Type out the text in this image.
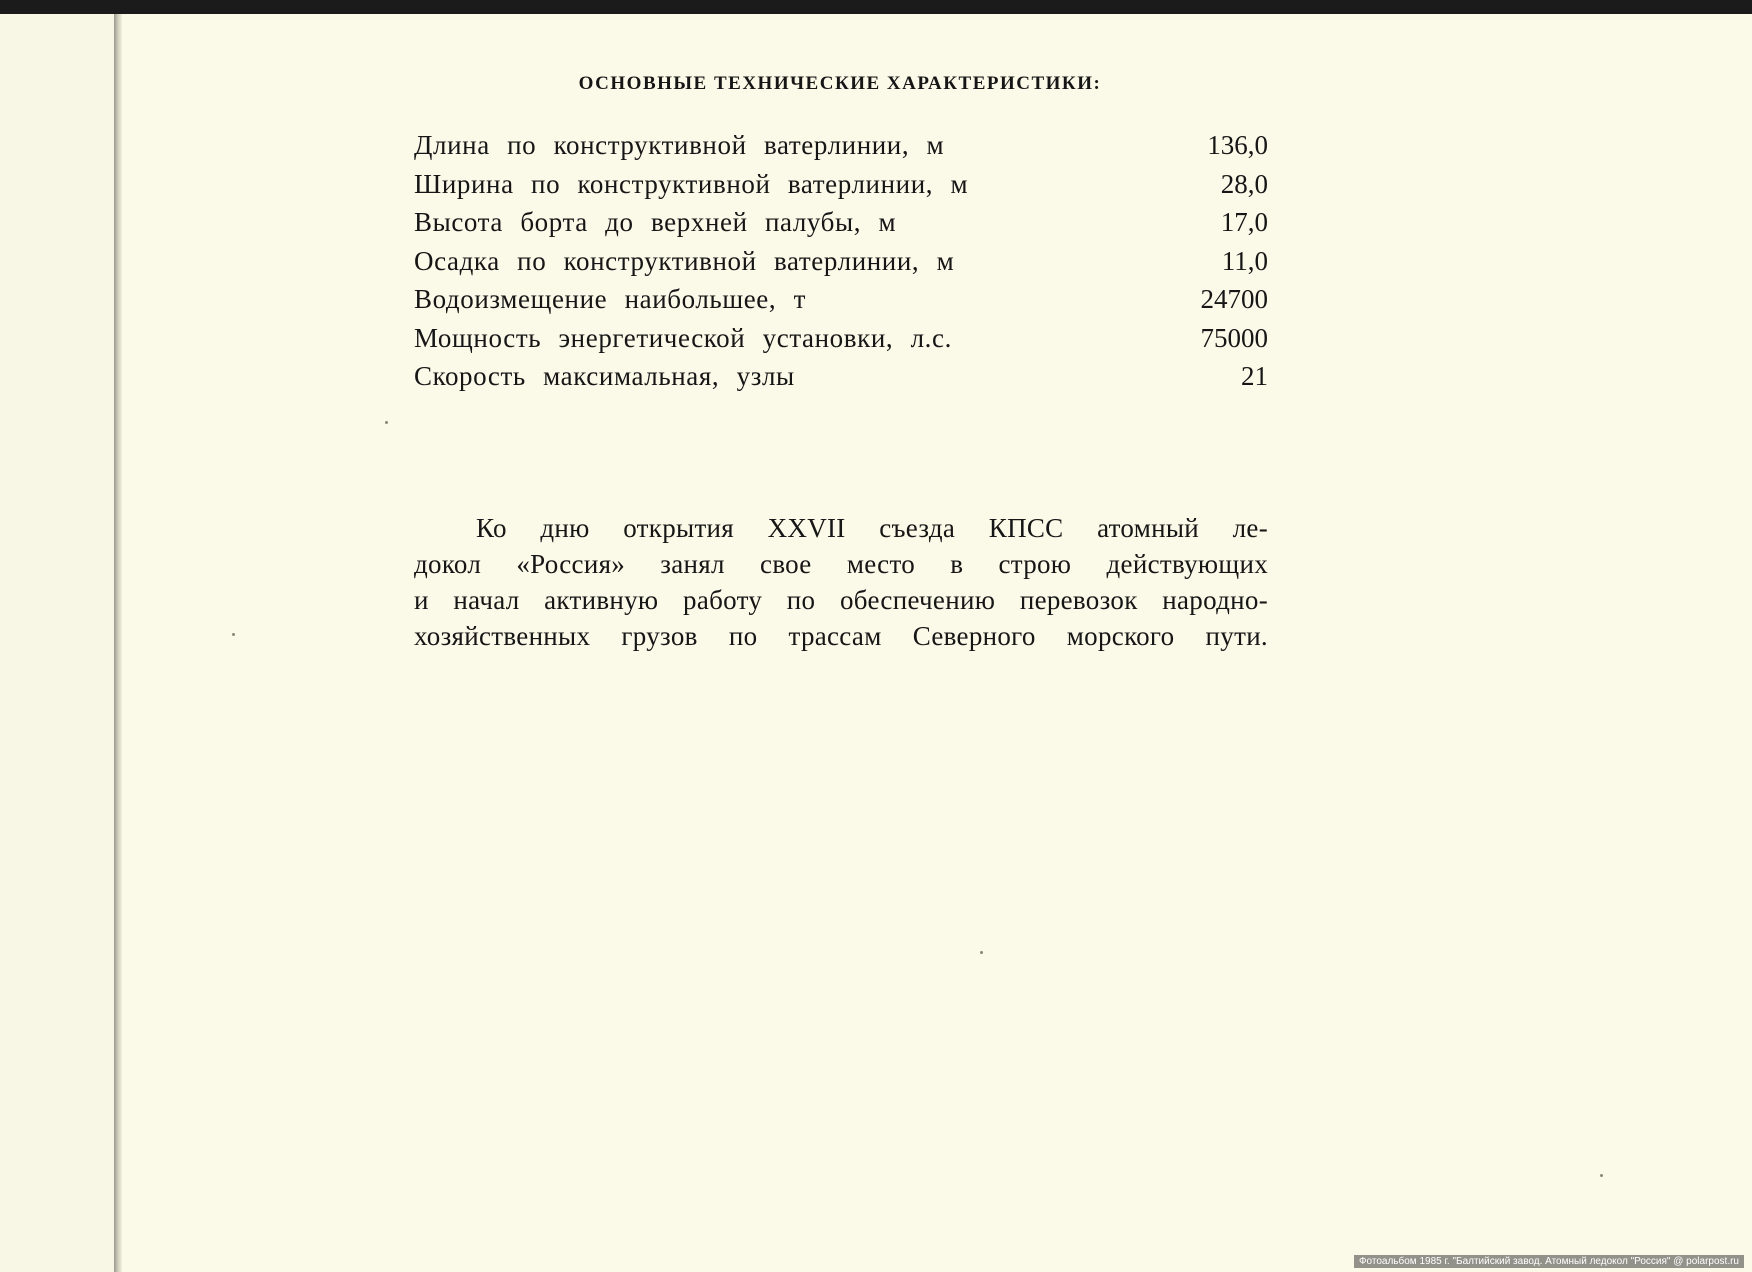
ОСНОВНЫЕ ТЕХНИЧЕСКИЕ ХАРАКТЕРИСТИКИ:
Длина по конструктивной ватерлинии, м	136,0
Ширина по конструктивной ватерлинии, м	28,0
Высота борта до верхней палубы, м	17,0
Осадка по конструктивной ватерлинии, м	11,0
Водоизмещение наибольшее, т	24700
Мощность энергетической установки, л.с.	75000
Скорость максимальная, узлы	21

Ко дню открытия XXVII съезда КПСС атомный ле-
докол «Россия» занял свое место в строю действующих
и начал активную работу по обеспечению перевозок народно-
хозяйственных грузов по трассам Северного морского пути.

Фотоальбом 1985 г. "Балтийский завод. Атомный ледокол "Россия" @ polarpost.ru
